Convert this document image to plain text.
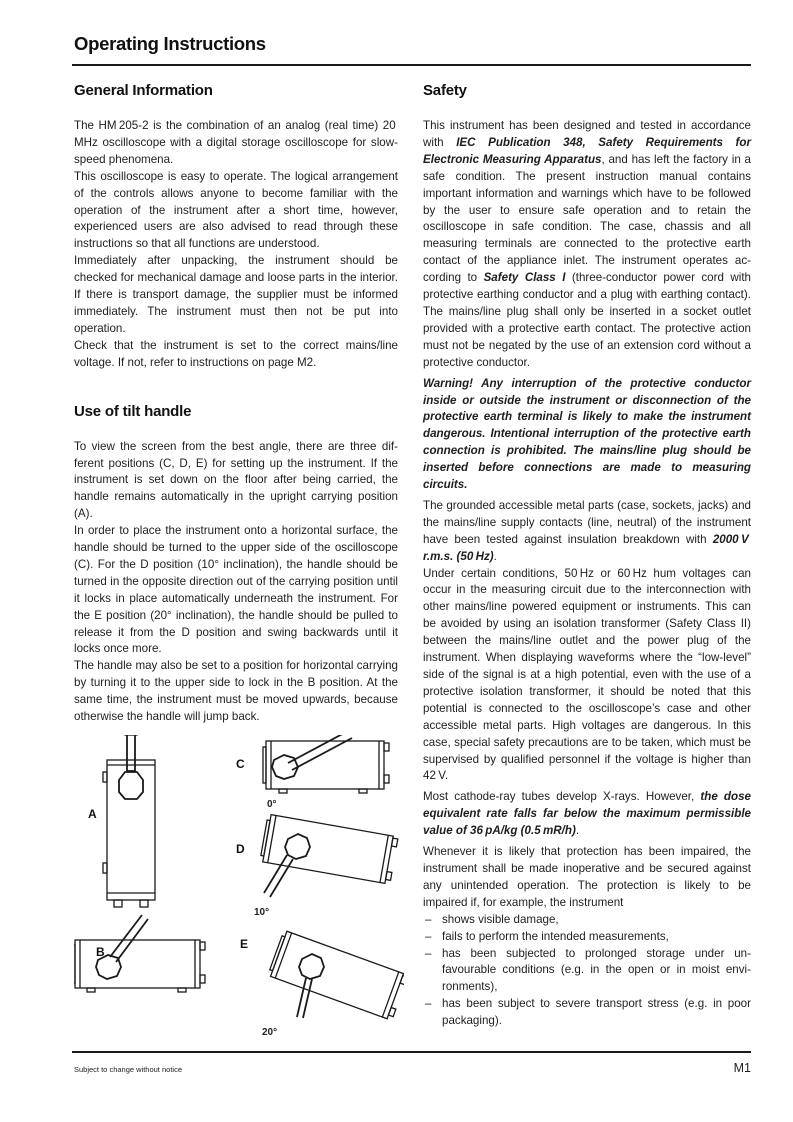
Operating Instructions
General Information

The HM 205-2 is the combination of an analog (real time) 20 MHz oscilloscope with a digital storage oscilloscope for slow-speed phenomena.

This oscilloscope is easy to operate. The logical arrangement of the controls allows anyone to become familiar with the operation of the instrument after a short time, however, experienced users are also advised to read through these instructions so that all functions are understood.

Immediately after unpacking, the instrument should be checked for mechanical damage and loose parts in the interior. If there is transport damage, the supplier must be informed immediately. The instrument must then not be put into operation.

Check that the instrument is set to the correct mains/line voltage. If not, refer to instructions on page M2.

Use of tilt handle

To view the screen from the best angle, there are three different positions (C, D, E) for setting up the instrument. If the instrument is set down on the floor after being carried, the handle remains automatically in the upright carrying position (A).

In order to place the instrument onto a horizontal surface, the handle should be turned to the upper side of the oscilloscope (C). For the D position (10° inclination), the handle should be turned in the opposite direction out of the carrying position until it locks in place automatically underneath the instrument. For the E position (20° inclination), the handle should be pulled to release it from the D position and swing backwards until it locks once more.

The handle may also be set to a position for horizontal carrying by turning it to the upper side to lock in the B position. At the same time, the instrument must be moved upwards, because otherwise the handle will jump back.

A
C
D
B
E
0°
10°
20°
Safety

This instrument has been designed and tested in accordance with IEC Publication 348, Safety Requirements for Electronic Measuring Apparatus, and has left the factory in a safe condition. The present instruction manual contains important information and warnings which have to be followed by the user to ensure safe operation and to retain the oscilloscope in safe condition. The case, chassis and all measuring terminals are connected to the protective earth contact of the appliance inlet. The instrument operates according to Safety Class I (three-conductor power cord with protective earthing conductor and a plug with earthing contact). The mains/line plug shall only be inserted in a socket outlet provided with a protective earth contact. The protective action must not be negated by the use of an extension cord without a protective conductor.

Warning! Any interruption of the protective conductor inside or outside the instrument or disconnection of the protective earth terminal is likely to make the instrument dangerous. Intentional interruption of the protective earth connection is prohibited. The mains/line plug should be inserted before connections are made to measuring circuits.

The grounded accessible metal parts (case, sockets, jacks) and the mains/line supply contacts (line, neutral) of the instrument have been tested against insulation breakdown with 2000 V r.m.s. (50 Hz).

Under certain conditions, 50 Hz or 60 Hz hum voltages can occur in the measuring circuit due to the interconnection with other mains/line powered equipment or instruments. This can be avoided by using an isolation transformer (Safety Class II) between the mains/line outlet and the power plug of the instrument. When displaying waveforms where the “low-level” side of the signal is at a high potential, even with the use of a protective isolation transformer, it should be noted that this potential is connected to the oscilloscope’s case and other accessible metal parts. High voltages are dangerous. In this case, special safety precautions are to be taken, which must be supervised by qualified personnel if the voltage is higher than 42 V.

Most cathode-ray tubes develop X-rays. However, the dose equivalent rate falls far below the maximum permissible value of 36 pA/kg (0.5 mR/h).

Whenever it is likely that protection has been impaired, the instrument shall be made inoperative and be secured against any unintended operation. The protection is likely to be impaired if, for example, the instrument

– shows visible damage,
– fails to perform the intended measurements,
– has been subjected to prolonged storage under unfavourable conditions (e.g. in the open or in moist environments),
– has been subject to severe transport stress (e.g. in poor packaging).
Subject to change without notice	M1
